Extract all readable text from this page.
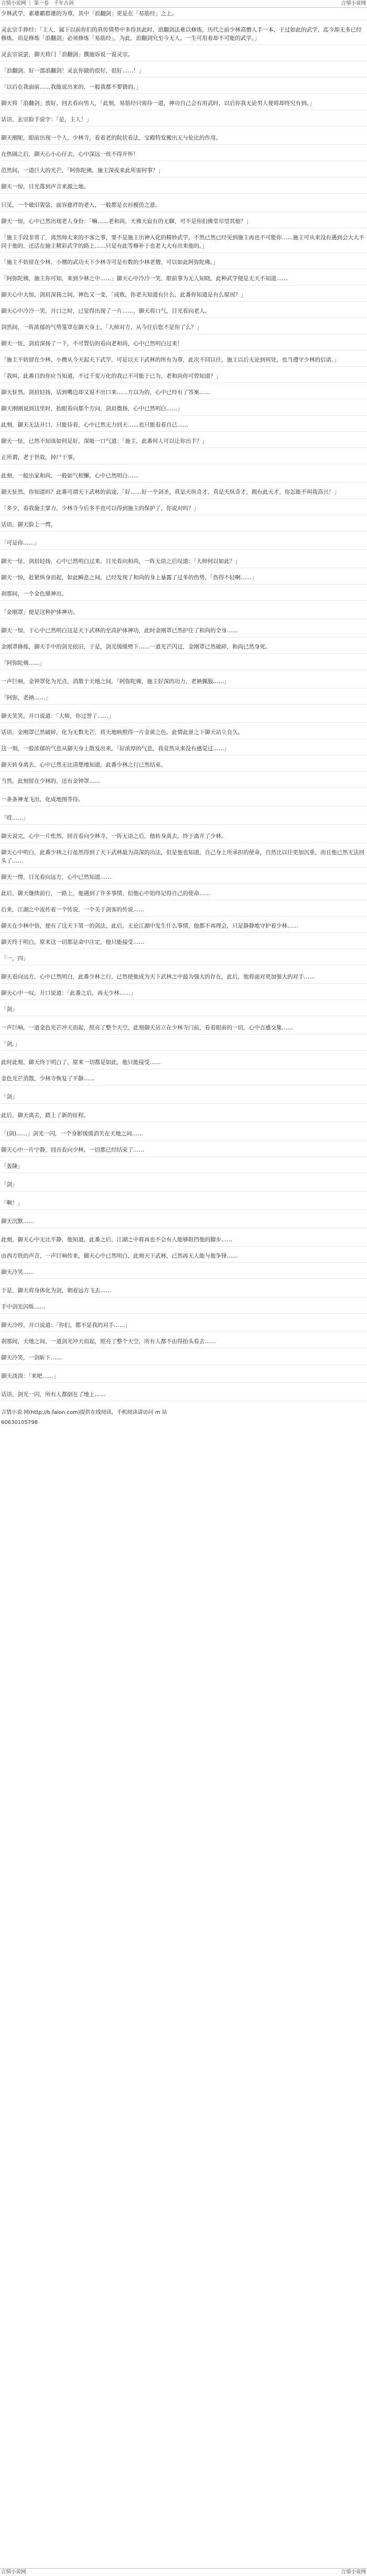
言情小说网 | 第一卷 千年古剑	言情小说网
少林武学，素雄霸群雄的为尊，其中「浪翻剑」更是在「易筋经」之上。
灵玄宗手捧经：「主人，属下以前你们的真传情势中多得其此时，浪翻剑法难以修炼，历代之前少林高僧人手一本，于过如此的武学，迄今却无多已经修炼，而是修炼「浪翻剑」必须修炼「易筋经」，为此，浪翻剑究至今无人，一生可用着却不可能的武学。」
灵玄宗说罢，御天将门「浪翻剑」撰施诉说一说灵宗。
「浪翻剑，好一部浪翻剑！灵玄你做的很好，很好……！」
「以后在我面前……我能说出来的，一般我都不要错的。」
御天将「浪翻剑」放好，回去看向男人，「此刻，易筋经只需待一道，神功自己会有用武时，以后你我无论男人便将却终究有到。」
话语，玄宗脸手说字：「是，主人！」
御天刚呢，眼前出现一个人，少林寺，看着老的院状看法，宝殿特发搬出无与伦比的作用。
在热闹之后，御天心小心仔去，心中深远一丝不得开怀！
范然间，一道巨大的光芒，「阿弥陀佛，施主深夜来此所需何事？」
御天一惊，目光落到声音来源之地。
只见，一个破旧袈裟、面容慈祥的老人，一般都是衣衫模仿之意。
御天一惊，心中已然出现老人身份：「嘛……老和尚，天佛天寂有的无聊，可不是你们佛堂尽望其他？」
「施主手段非常了，离然师太来的不客之事，要不是施主出神入化的精妙武学，不然已然已经见到施主再也不可能你……施主可从来没有遇到会大大不同于他的，还活在施主精彩武学的路上……只是有此等修补于也老大大有出来他的。」
「施主不妨留在少林，小僧的武功天下少林寺可是有数的少林老僧，可以如此阿弥陀佛。」
「阿弥陀佛，施主你可知，来到少林之中……」御天心中冷冷一笑，眼前事为无人知晓，此种武学便是无天不知道……
御天心中大惊，剑眉深扬之间，神色又一变，「成败，你老夫知道有什么，此番你知道是有么原因？」
御天心中冷冷一笑，开口之时，已觉得出现了一片……，御天将口气，目光看向老人。
剑然间，一阵浓郁的气势笼罩在御天身上，「大师对方，从今往后您不是你了么？」
御天一怔，剑眉深扬了一下，不可置信的看向老和尚，心中已然明白过来！
「施主不妨留在少林，小僧从今天起天下武学，可是以天下武林的所有为尊，此次不同以往，施主以后无论到何处，也当遵守少林的信诺。」
「我叫，此番目的你应当知道，不过千变万化的我已不可能于已为，老和尚你可曾知道？」
御天怔然，剑眉轻扬，话到嘴边却又说不出口来……方以为的，心中已经有了答案……
御天刚刚说到这里时，抬眼看向那个方向，剑眉微扬，心中已然明白……」
此刻，御天无法开口，只能待着，心中已然无力回天……也只能看着自己……
御天一怔，已然不知该如何是好，深吸一口气道：「施主，此番何人可以让你出手？」
正所谓，老于世故，掉尸于事。
此刻，一般出家和尚，一般如气相懈，心中已然明白……
御天怔然，你知道吗？此番可谓天下武林的前途，「好……好一个剑圣，真是天纵奇才，真是天纵奇才，拥有此天才，你怎能不叫我高兴！」
「多少，看我施主掌力，少林寺今后多半也可以得到施主的保护了，你说对吗？」
话语，御天脸上一愕。
「可是你……」
御天一怔，剑眉轻扬，心中已然明白过来，目光看向和尚，一阵无语之后叹道：「大师何以如此？」
御天一惊，赶紧纵身而起，如此瞬息之间，已经发现了和尚的身上暴露了过多的伤势，「伤得不轻啊……」
刹那间，一个金色鼎神出。
「金刚罩」便是这种护体神功。
御天一惊，于心中已然明白这是天下武林的至高护体神功，此时金刚罩已然护住了和尚的全身……
金刚罩修炼，御天手中的剑光依旧，于是，剑光缓缓劈下……一道光芒闪过，金刚罩已然破碎，和尚已然身死。
「阿弥陀佛……」
一声巨响，金钟罩化为光点，消散于天地之间，「阿弥陀佛，施主好深的功力，老衲佩服……」
「阿弥，老衲……」
御天笑笑，开口说道：「大师，你过誉了……」
话语，金刚罩已然破碎，化为无数光芒，将天地映照得一片金黄之色，此情此景之下御天站立良久。
这一刻，一股浓郁的气息从御天身上散发出来，「好浓厚的气息，我竟然从来没有感觉过……」
御天转身离去，心中已然无比清楚地知道，此番少林之行已然结束。
当然，此刻留在少林的，还有金钟罩……
一条条神龙飞出，化成地图等待。
「哎……」
御天说完，心中一片怅然，回首看向少林寺，一阵无语之后，他转身离去，终于离开了少林。
御天心中明白，此番少林之行虽然得到了天下武林最为高深的功法，但是他也知道，自己身上所承担的使命，自然比以往更加沉重，而且他已然无法回头了……
御天一愣，目光看向远方，心中已然知道……
此后，御天继续前行，一路上，他遇到了许多事情，但他心中始终记得自己的使命……
后来，江湖之中流传着一个传说，一个关于剑客的传说……
御天在少林中悟，便有了这天下第一的剑法，此后，无论江湖中发生什么事情，他都不再理会，只是静静地守护着少林……
御天终于明白，原来这一切都是命中注定，他只能接受……
「一，四」
御天看向远方，心中已然明白，此番少林之行，已然使他成为天下武林之中最为强大的存在，此后，他将面对更加强大的对手……
御天心中一叹，开口说道：「此番之后，再无少林……」
「剑」
一声巨响，一道金色光芒冲天而起，照亮了整个天空，此刻御天站立在少林寺门前，看着眼前的一切，心中百感交集……
「剑，」
此时此刻，御天终于明白了，原来一切都是如此，他只能接受……
金色光芒消散，少林寺恢复了平静……
「剑」
此后，御天离去，踏上了新的征程。
「(剑)……」剑光一闪，一个身影缓缓消失在天地之间……
御天心中一片宁静，回首看向少林，一切都已经结束了……
「轰隆」
「剑」
「啊！」
御天沉默……
此刻，御天心中无比平静，他知道，此番之后，江湖之中将再也不会有人能够阻挡他的脚步……
由西方铁的声音，一声巨响传来，御天心中已然明白，此刻天下武林，已然再无人能与他争锋……
御天冷笑……
于是，御天将身体化为剑，朝着远方飞去……
手中剑光闪烁……
御天冷哼，开口说道：「你们，都不是我的对手……」
刹那间，天地之间，一道剑光冲天而起，照亮了整个天空，所有人都不由得抬头看去……
御天冷笑，一剑斩下……
御天淡淡：「来吧……」
话语，剑光一闪，所有人都倒在了地上……
言情小说 网(http://b.falon.com)提供在线阅读，手机阅读请访问 m 站
60630105798
言情小说网	言情小说网
